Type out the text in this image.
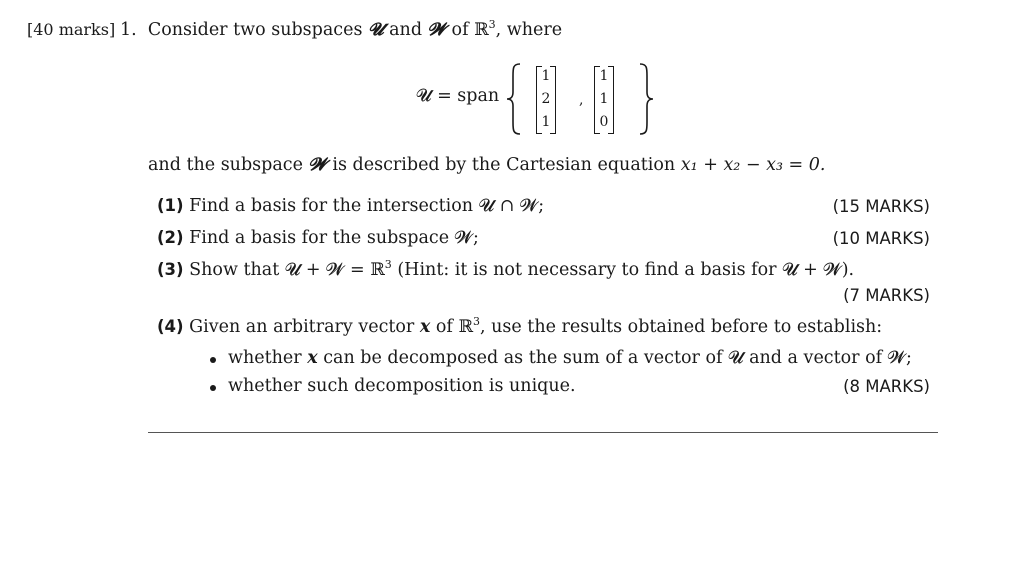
[40 marks] 1. Consider two subspaces 𝓤 and 𝓦 of ℝ$^3$, where
𝓤 = span
1
2
1
,
1
1
0
and the subspace 𝓦 is described by the Cartesian equation x₁ + x₂ − x₃ = 0.
(1) Find a basis for the intersection 𝓤 ∩ 𝓦;	(15 MARKS)
(2) Find a basis for the subspace 𝓦;	(10 MARKS)
(3) Show that 𝓤 + 𝓦 = ℝ$^3$ (Hint: it is not necessary to find a basis for 𝓤 + 𝓦).
(7 MARKS)
(4) Given an arbitrary vector x of ℝ$^3$, use the results obtained before to establish:
whether x can be decomposed as the sum of a vector of 𝓤 and a vector of 𝓦;
whether such decomposition is unique.	(8 MARKS)
